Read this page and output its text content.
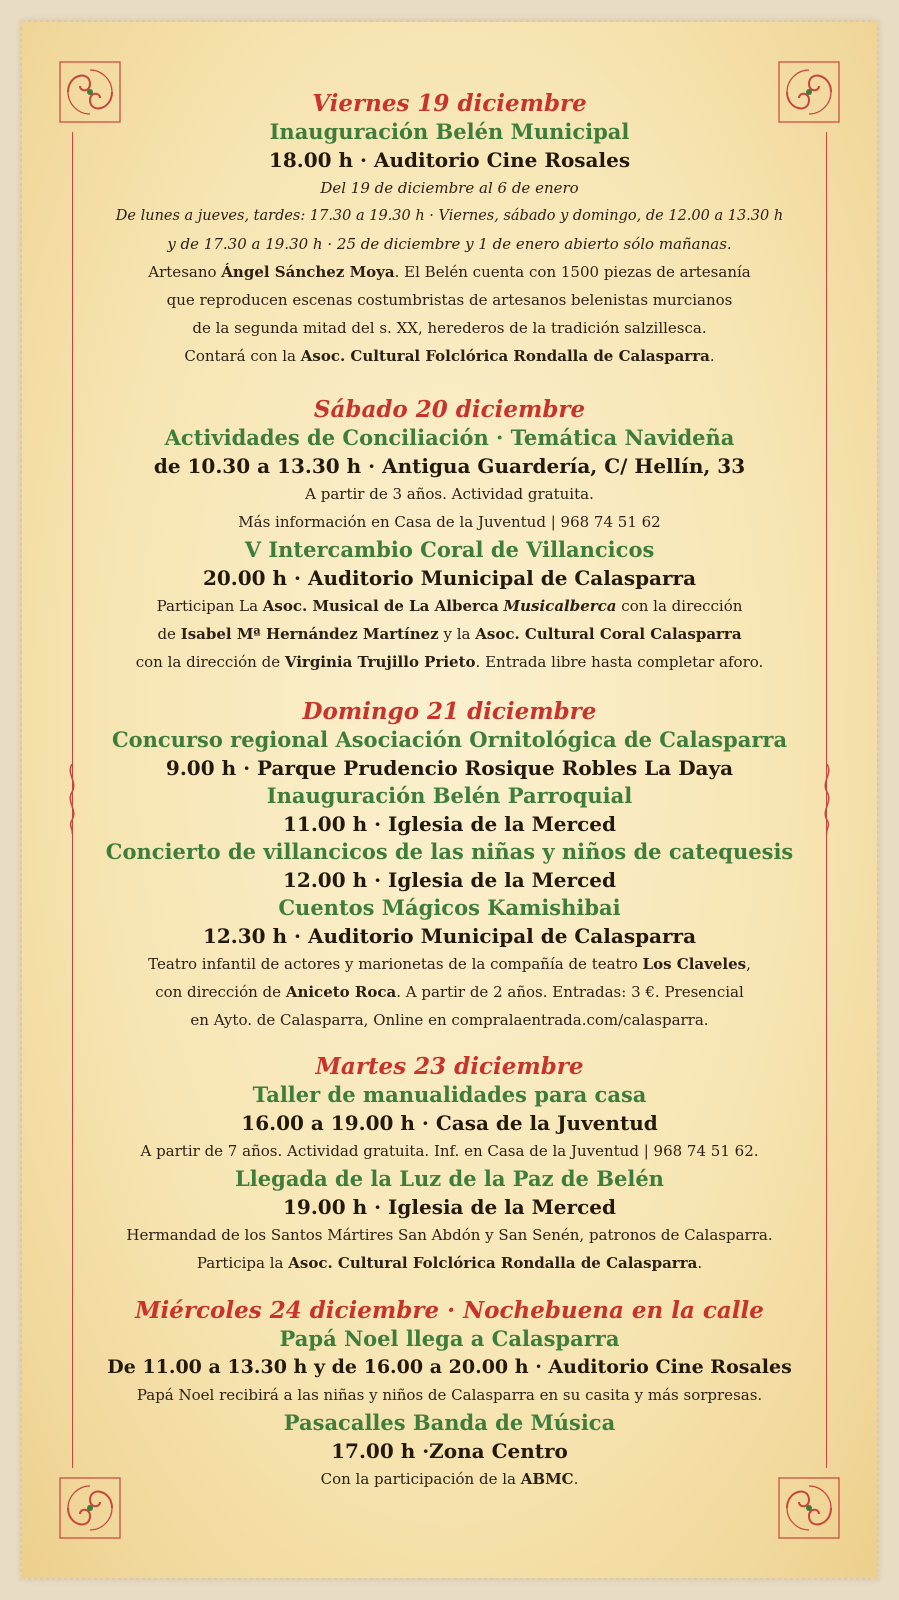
Viernes 19 diciembre

Inauguración Belén Municipal

18.00 h · Auditorio Cine Rosales

Del 19 de diciembre al 6 de enero

De lunes a jueves, tardes: 17.30 a 19.30 h · Viernes, sábado y domingo, de 12.00 a 13.30 h

y de 17.30 a 19.30 h · 25 de diciembre y 1 de enero abierto sólo mañanas.

Artesano Ángel Sánchez Moya. El Belén cuenta con 1500 piezas de artesanía

que reproducen escenas costumbristas de artesanos belenistas murcianos

de la segunda mitad del s. XX, herederos de la tradición salzillesca.

Contará con la Asoc. Cultural Folclórica Rondalla de Calasparra.

Sábado 20 diciembre

Actividades de Conciliación · Temática Navideña

de 10.30 a 13.30 h · Antigua Guardería, C/ Hellín, 33

A partir de 3 años. Actividad gratuita.

Más información en Casa de la Juventud | 968 74 51 62

V Intercambio Coral de Villancicos

20.00 h · Auditorio Municipal de Calasparra

Participan La Asoc. Musical de La Alberca Musicalberca con la dirección

de Isabel Mª Hernández Martínez y la Asoc. Cultural Coral Calasparra

con la dirección de Virginia Trujillo Prieto. Entrada libre hasta completar aforo.

Domingo 21 diciembre

Concurso regional Asociación Ornitológica de Calasparra

9.00 h · Parque Prudencio Rosique Robles La Daya

Inauguración Belén Parroquial

11.00 h · Iglesia de la Merced

Concierto de villancicos de las niñas y niños de catequesis

12.00 h · Iglesia de la Merced

Cuentos Mágicos Kamishibai

12.30 h · Auditorio Municipal de Calasparra

Teatro infantil de actores y marionetas de la compañía de teatro Los Claveles,

con dirección de Aniceto Roca. A partir de 2 años. Entradas: 3 €. Presencial

en Ayto. de Calasparra, Online en compralaentrada.com/calasparra.

Martes 23 diciembre

Taller de manualidades para casa

16.00 a 19.00 h · Casa de la Juventud

A partir de 7 años. Actividad gratuita. Inf. en Casa de la Juventud | 968 74 51 62.

Llegada de la Luz de la Paz de Belén

19.00 h · Iglesia de la Merced

Hermandad de los Santos Mártires San Abdón y San Senén, patronos de Calasparra.

Participa la Asoc. Cultural Folclórica Rondalla de Calasparra.

Miércoles 24 diciembre · Nochebuena en la calle

Papá Noel llega a Calasparra

De 11.00 a 13.30 h y de 16.00 a 20.00 h · Auditorio Cine Rosales

Papá Noel recibirá a las niñas y niños de Calasparra en su casita y más sorpresas.

Pasacalles Banda de Música

17.00 h ·Zona Centro

Con la participación de la ABMC.
